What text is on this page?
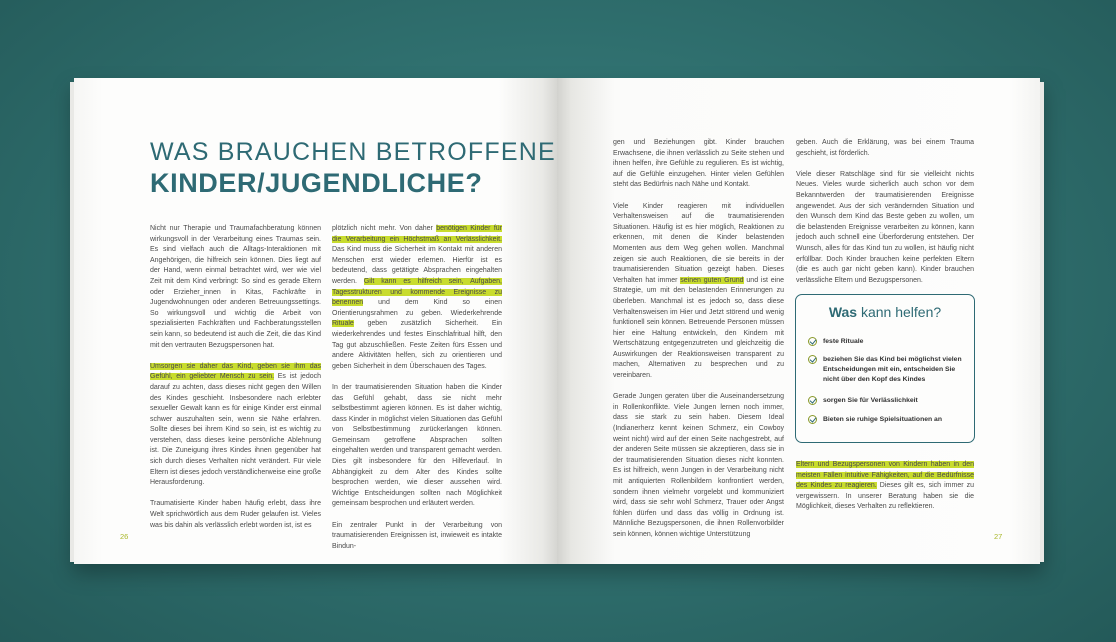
WAS BRAUCHEN BETROFFENE
KINDER/JUGENDLICHE?

Nicht nur Therapie und Traumafachberatung können wirkungsvoll in der Verarbeitung eines Traumas sein. Es sind vielfach auch die Alltags-Interaktionen mit Angehörigen, die hilfreich sein können. Dies liegt auf der Hand, wenn einmal betrachtet wird, wer wie viel Zeit mit dem Kind verbringt: So sind es gerade Eltern oder Erzieher_innen in Kitas, Fachkräfte in Jugendwohnungen oder anderen Betreuungssettings. So wirkungsvoll und wichtig die Arbeit von spezialisierten Fachkräften und Fachberatungsstellen sein kann, so bedeutend ist auch die Zeit, die das Kind mit den vertrauten Bezugspersonen hat.

Umsorgen sie daher das Kind, geben sie ihm das Gefühl, ein geliebter Mensch zu sein. Es ist jedoch darauf zu achten, dass dieses nicht gegen den Willen des Kindes geschieht. Insbesondere nach erlebter sexueller Gewalt kann es für einige Kinder erst einmal schwer auszuhalten sein, wenn sie Nähe erfahren. Sollte dieses bei ihrem Kind so sein, ist es wichtig zu verstehen, dass dieses keine persönliche Ablehnung ist. Die Zuneigung ihres Kindes ihnen gegenüber hat sich durch dieses Verhalten nicht verändert. Für viele Eltern ist dieses jedoch verständlicherweise eine große Herausforderung.

Traumatisierte Kinder haben häufig erlebt, dass ihre Welt sprichwörtlich aus dem Ruder gelaufen ist. Vieles was bis dahin als verlässlich erlebt worden ist, ist es

plötzlich nicht mehr. Von daher benötigen Kinder für die Verarbeitung ein Höchstmaß an Verlässlichkeit. Das Kind muss die Sicherheit im Kontakt mit anderen Menschen erst wieder erlernen. Hierfür ist es bedeutend, dass getätigte Absprachen eingehalten werden. Gilt kann es hilfreich sein, Aufgaben, Tagesstrukturen und kommende Ereignisse zu benennen und dem Kind so einen Orientierungsrahmen zu geben. Wiederkehrende Rituale geben zusätzlich Sicherheit. Ein wiederkehrendes und festes Einschlafritual hilft, den Tag gut abzuschließen. Feste Zeiten fürs Essen und andere Aktivitäten helfen, sich zu orientieren und geben Sicherheit in dem Überschauen des Tages.

In der traumatisierenden Situation haben die Kinder das Gefühl gehabt, dass sie nicht mehr selbstbestimmt agieren können. Es ist daher wichtig, dass Kinder in möglichst vielen Situationen das Gefühl von Selbstbestimmung zurückerlangen können. Gemeinsam getroffene Absprachen sollten eingehalten werden und transparent gemacht werden. Dies gilt insbesondere für den Hilfeverlauf. In Abhängigkeit zu dem Alter des Kindes sollte besprochen werden, wie dieser aussehen wird. Wichtige Entscheidungen sollten nach Möglichkeit gemeinsam besprochen und erläutert werden.

Ein zentraler Punkt in der Verarbeitung von traumatisierenden Ereignissen ist, inwieweit es intakte Bindun-

26

gen und Beziehungen gibt. Kinder brauchen Erwachsene, die ihnen verlässlich zu Seite stehen und ihnen helfen, ihre Gefühle zu regulieren. Es ist wichtig, auf die Gefühle einzugehen. Hinter vielen Gefühlen steht das Bedürfnis nach Nähe und Kontakt.

Viele Kinder reagieren mit individuellen Verhaltensweisen auf die traumatisierenden Situationen. Häufig ist es hier möglich, Reaktionen zu erkennen, mit denen die Kinder belastenden Momenten aus dem Weg gehen wollen. Manchmal zeigen sie auch Reaktionen, die sie bereits in der traumatisierenden Situation gezeigt haben. Dieses Verhalten hat immer seinen guten Grund und ist eine Strategie, um mit den belastenden Erinnerungen zu überleben. Manchmal ist es jedoch so, dass diese Verhaltensweisen im Hier und Jetzt störend und wenig funktionell sein können. Betreuende Personen müssen hier eine Haltung entwickeln, den Kindern mit Wertschätzung entgegenzutreten und gleichzeitig die Auswirkungen der Reaktionsweisen transparent zu machen, Alternativen zu besprechen und zu vereinbaren.

Gerade Jungen geraten über die Auseinandersetzung in Rollenkonflikte. Viele Jungen lernen noch immer, dass sie stark zu sein haben. Diesem Ideal (Indianerherz kennt keinen Schmerz, ein Cowboy weint nicht) wird auf der einen Seite nachgestrebt, auf der anderen Seite müssen sie akzeptieren, dass sie in der traumatisierenden Situation dieses nicht konnten. Es ist hilfreich, wenn Jungen in der Verarbeitung nicht mit antiquierten Rollenbildern konfrontiert werden, sondern ihnen vielmehr vorgelebt und kommuniziert wird, dass sie sehr wohl Schmerz, Trauer oder Angst fühlen dürfen und dass das völlig in Ordnung ist. Männliche Bezugspersonen, die ihnen Rollenvorbilder sein können, können wichtige Unterstützung

geben. Auch die Erklärung, was bei einem Trauma geschieht, ist förderlich.

Viele dieser Ratschläge sind für sie vielleicht nichts Neues. Vieles wurde sicherlich auch schon vor dem Bekanntwerden der traumatisierenden Ereignisse angewendet. Aus der sich verändernden Situation und den Wunsch dem Kind das Beste geben zu wollen, um die belastenden Ereignisse verarbeiten zu können, kann jedoch auch schnell eine Überforderung entstehen. Der Wunsch, alles für das Kind tun zu wollen, ist häufig nicht erfüllbar. Doch Kinder brauchen keine perfekten Eltern (die es auch gar nicht geben kann). Kinder brauchen verlässliche Eltern und Bezugspersonen.

Was kann helfen?
feste Rituale
beziehen Sie das Kind bei möglichst vielen Entscheidungen mit ein, entscheiden Sie nicht über den Kopf des Kindes
sorgen Sie für Verlässlichkeit
Bieten sie ruhige Spielsituationen an

Eltern und Bezugspersonen von Kindern haben in den meisten Fällen intuitive Fähigkeiten, auf die Bedürfnisse des Kindes zu reagieren. Dieses gilt es, sich immer zu vergewissern. In unserer Beratung haben sie die Möglichkeit, dieses Verhalten zu reflektieren.

27
